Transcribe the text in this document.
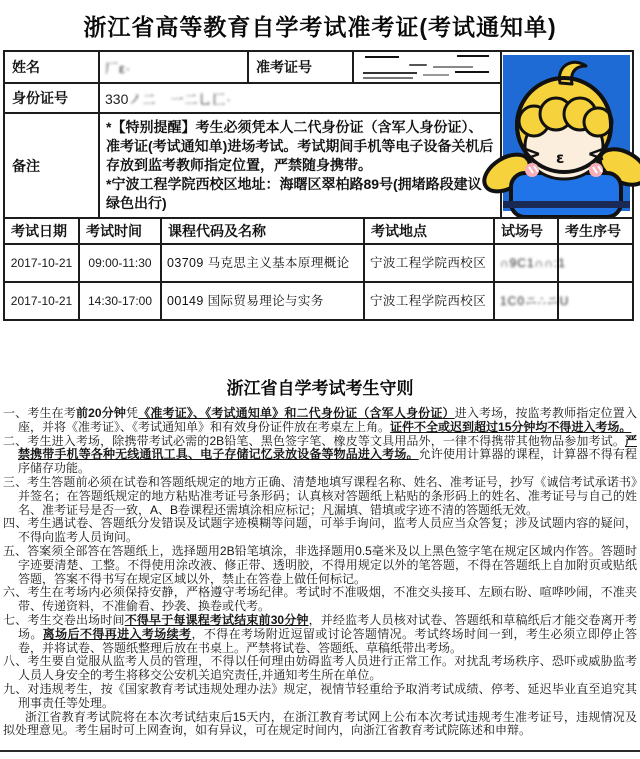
浙江省高等教育自学考试准考证(考试通知单)
姓名	厂ε·	准考证号		> <
ε

身份证号	330ノ二　一二乚匚·			
备注	*【特别提醒】考生必须凭本人二代身份证（含军人身份证）、准考证(考试通知单)进场考试。考试期间手机等电子设备关机后存放到监考教师指定位置，严禁随身携带。

*宁波工程学院西校区地址：海曙区翠柏路89号(拥堵路段建议绿色出行)			

考试日期	考试时间	课程代码及名称	考试地点	试场号	考生序号
2017-10-21	09:00-11:30	03709 马克思主义基本原理概论	宁波工程学院西校区	∩9C1∩∩:1	
2017-10-21	14:30-17:00	00149 国际贸易理论与实务	宁波工程学院西校区	1C0ニ∴ニU	
浙江省自学考试考生守则

一、考生在考前20分钟凭《准考证》、《考试通知单》和二代身份证（含军人身份证）进入考场，按监考教师指定位置入座，并将《准考证》、《考试通知单》和有效身份证件放在考桌左上角。证件不全或迟到超过15分钟均不得进入考场。

二、考生进入考场，除携带考试必需的2B铅笔、黑色签字笔、橡皮等文具用品外，一律不得携带其他物品参加考试。严禁携带手机等各种无线通讯工具、电子存储记忆录放设备等物品进入考场。允许使用计算器的课程，计算器不得有程序储存功能。

三、考生答题前必须在试卷和答题纸规定的地方正确、清楚地填写课程名称、姓名、准考证号，抄写《诚信考试承诺书》并签名；在答题纸规定的地方粘贴准考证号条形码；认真核对答题纸上粘贴的条形码上的姓名、准考证号与自己的姓名、准考证号是否一致，A、B卷课程还需填涂相应标记；凡漏填、错填或字迹不清的答题纸无效。

四、考生遇试卷、答题纸分发错误及试题字迹模糊等问题，可举手询问，监考人员应当众答复；涉及试题内容的疑问，不得向监考人员询问。

五、答案须全部答在答题纸上，选择题用2B铅笔填涂，非选择题用0.5毫米及以上黑色签字笔在规定区域内作答。答题时字迹要清楚、工整。不得使用涂改液、修正带、透明胶，不得用规定以外的笔答题，不得在答题纸上自加附页或贴纸答题，答案不得书写在规定区域以外，禁止在答卷上做任何标记。

六、考生在考场内必须保持安静，严格遵守考场纪律。考试时不准吸烟，不准交头接耳、左顾右盼、喧哗吵闹，不准夹带、传递资料，不准偷看、抄袭、换卷或代考。

七、考生交卷出场时间不得早于每课程考试结束前30分钟，并经监考人员核对试卷、答题纸和草稿纸后才能交卷离开考场。离场后不得再进入考场续考，不得在考场附近逗留或讨论答题情况。考试终场时间一到，考生必须立即停止答卷，并将试卷、答题纸整理后放在书桌上。严禁将试卷、答题纸、草稿纸带出考场。

八、考生要自觉服从监考人员的管理，不得以任何理由妨碍监考人员进行正常工作。对扰乱考场秩序、恐吓或威胁监考人员人身安全的考生将移交公安机关追究责任,并通知考生所在单位。

九、对违规考生，按《国家教育考试违规处理办法》规定，视情节轻重给予取消考试成绩、停考、延迟毕业直至追究其刑事责任等处理。

浙江省教育考试院将在本次考试结束后15天内，在浙江教育考试网上公布本次考试违规考生准考证号，违规情况及拟处理意见。考生届时可上网查询，如有异议，可在规定时间内，向浙江省教育考试院陈述和申辩。
